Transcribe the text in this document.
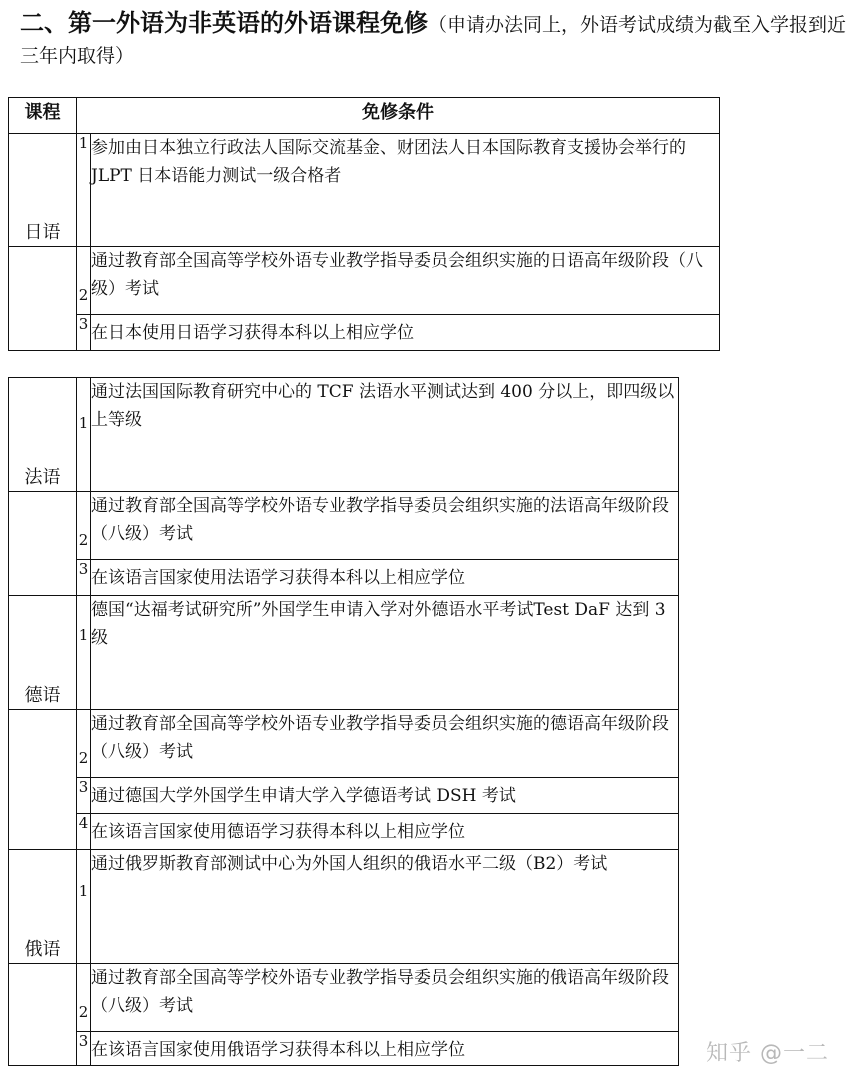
二、第一外语为非英语的外语课程免修（申请办法同上，外语考试成绩为截至入学报到近三年内取得）
课程	免修条件	

日语	1	参加由日本独立行政法人国际交流基金、财团法人日本国际教育支援协会举行的JLPT 日本语能力测试一级合格者
	2	通过教育部全国高等学校外语专业教学指导委员会组织实施的日语高年级阶段（八级）考试
	3	在日本使用日语学习获得本科以上相应学位
法语	1	通过法国国际教育研究中心的 TCF 法语水平测试达到 400 分以上，即四级以上等级
	2	通过教育部全国高等学校外语专业教学指导委员会组织实施的法语高年级阶段（八级）考试
	3	在该语言国家使用法语学习获得本科以上相应学位

德语	1	德国“达福考试研究所”外国学生申请入学对外德语水平考试Test DaF 达到 3 级
	2	通过教育部全国高等学校外语专业教学指导委员会组织实施的德语高年级阶段（八级）考试
	3	通过德国大学外国学生申请大学入学德语考试 DSH 考试
	4	在该语言国家使用德语学习获得本科以上相应学位

俄语	1	通过俄罗斯教育部测试中心为外国人组织的俄语水平二级（B2）考试
	2	通过教育部全国高等学校外语专业教学指导委员会组织实施的俄语高年级阶段（八级）考试
	3	在该语言国家使用俄语学习获得本科以上相应学位	知乎 @一二
